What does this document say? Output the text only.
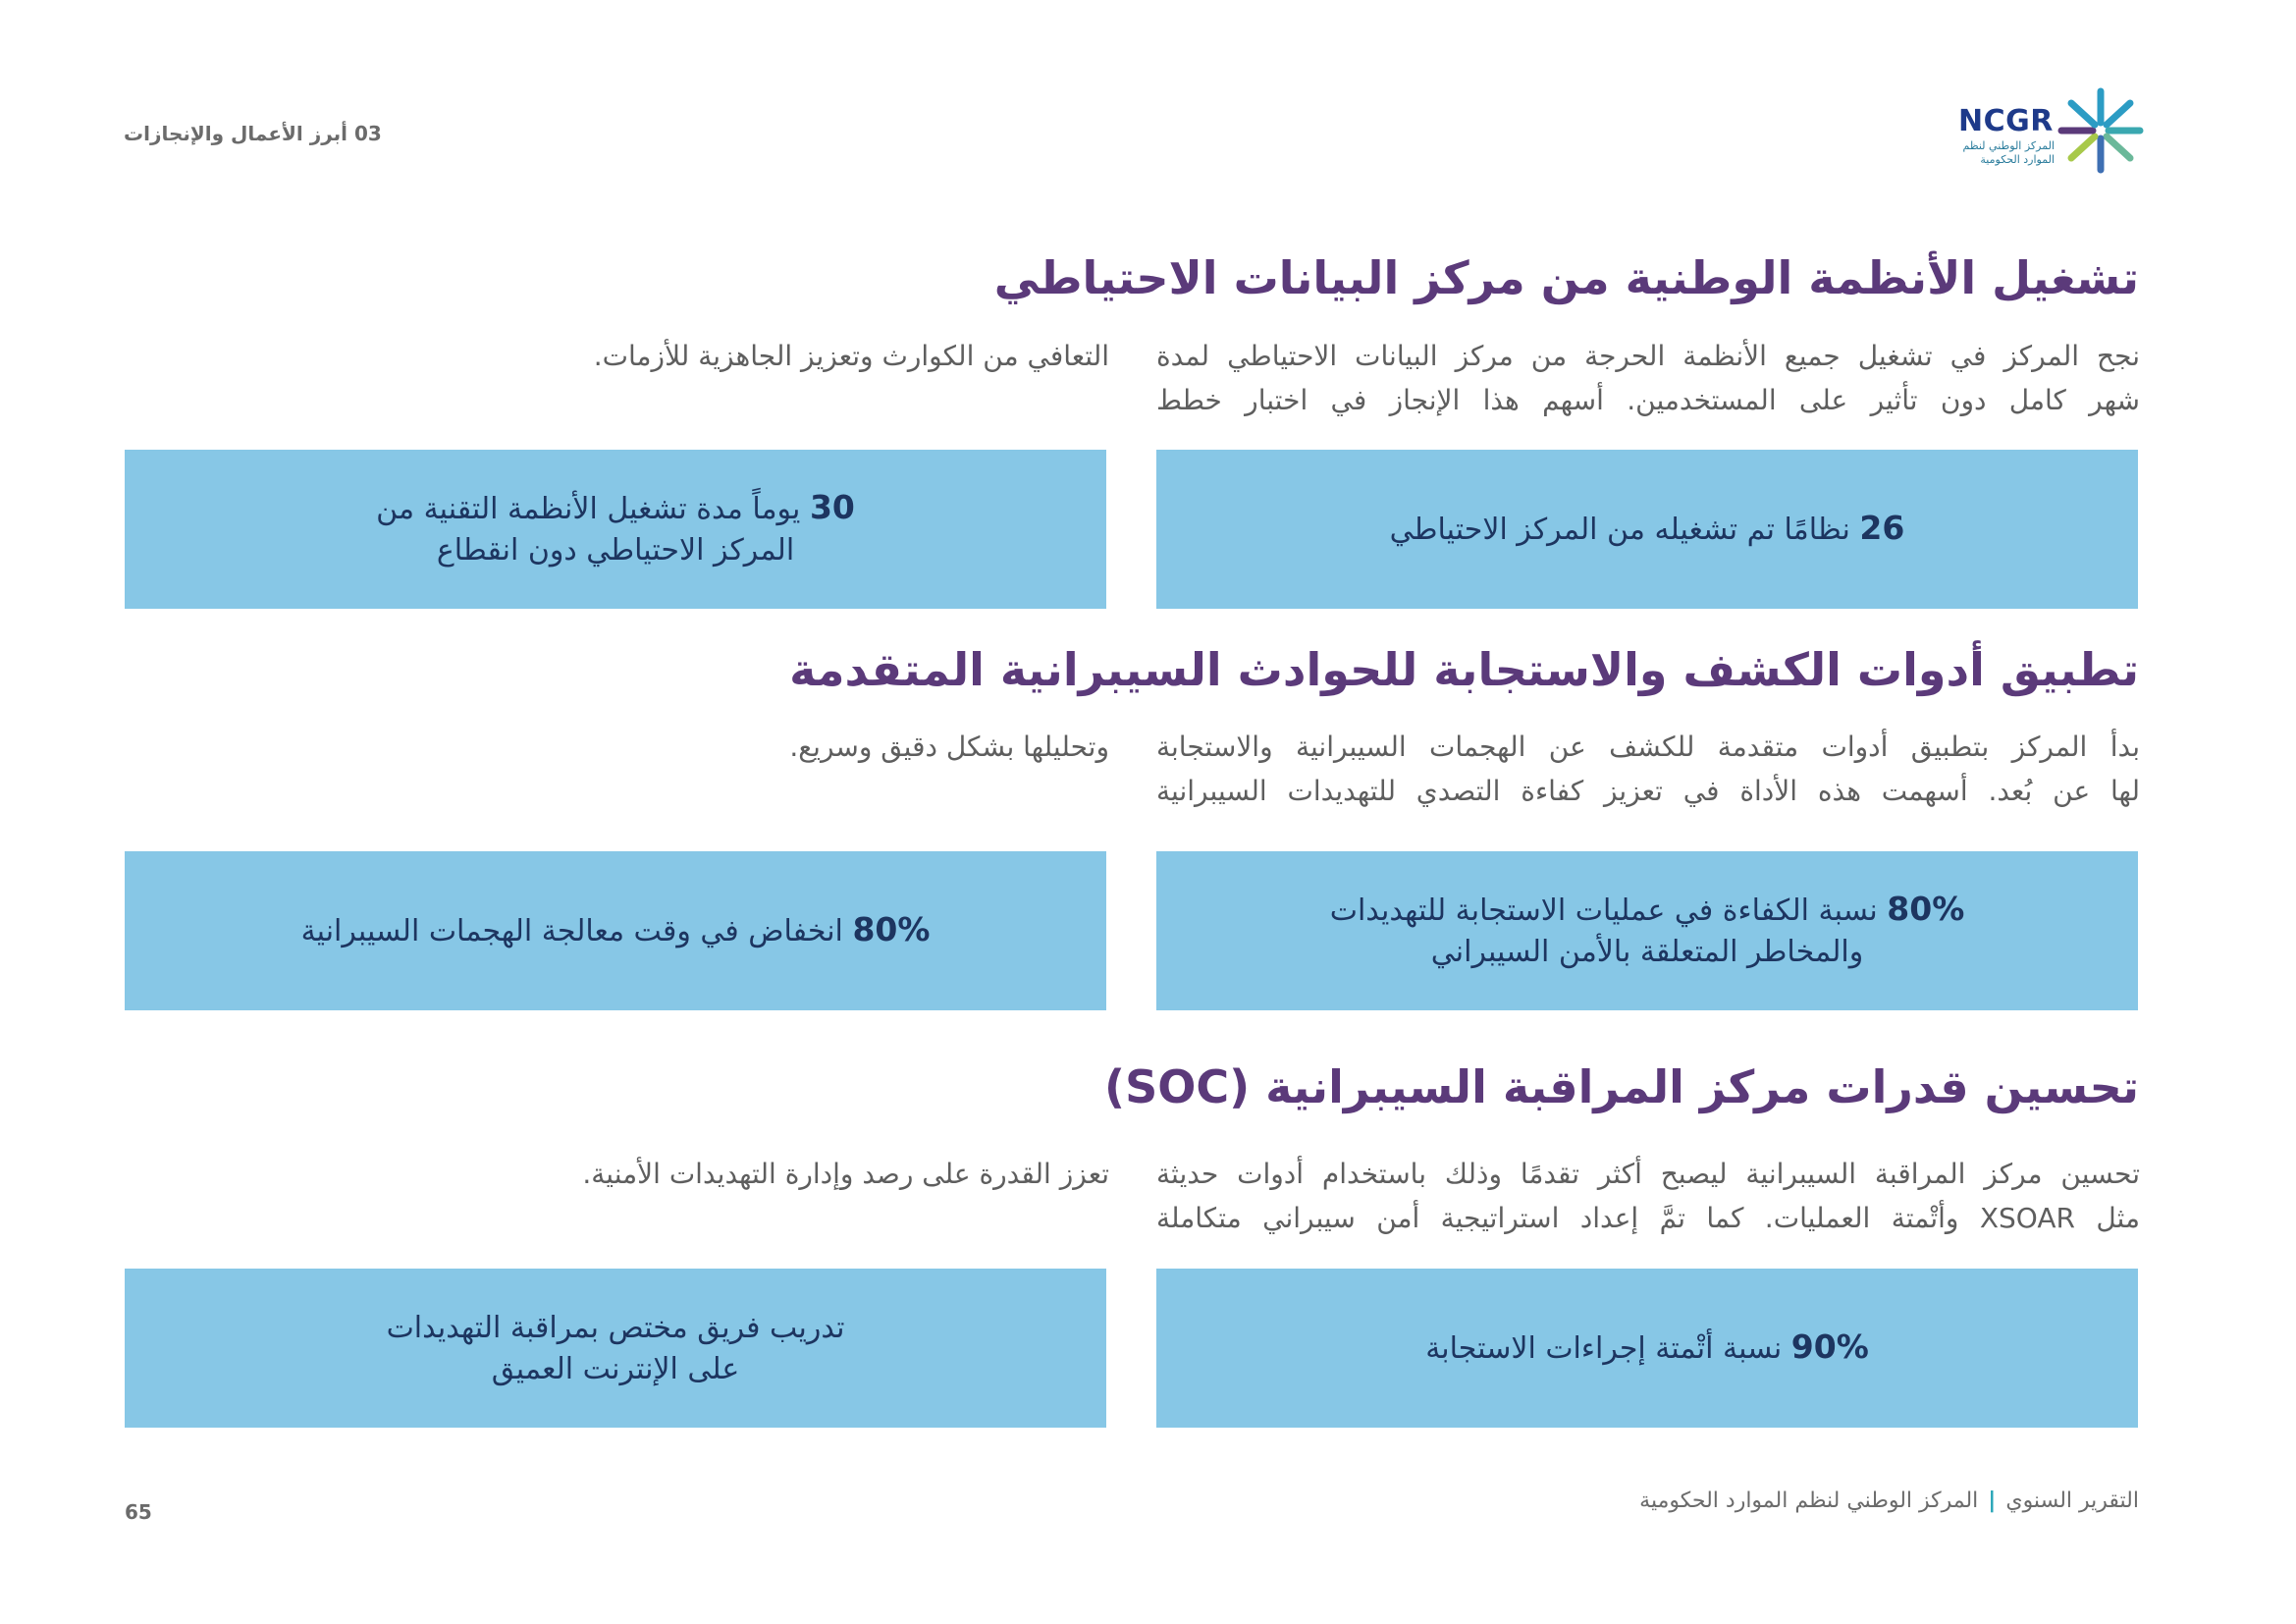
NCGR
المركز الوطني لنظم
الموارد الحكومية
03 أبرز الأعمال والإنجازات
تشغيل الأنظمة الوطنية من مركز البيانات الاحتياطي
نجح المركز في تشغيل جميع الأنظمة الحرجة من مركز البيانات الاحتياطي لمدة
شهر كامل دون تأثير على المستخدمين. أسهم هذا الإنجاز في اختبار خطط
التعافي من الكوارث وتعزيز الجاهزية للأزمات.
26 نظامًا تم تشغيله من المركز الاحتياطي
30 يوماً مدة تشغيل الأنظمة التقنية من
المركز الاحتياطي دون انقطاع
تطبيق أدوات الكشف والاستجابة للحوادث السيبرانية المتقدمة
بدأ المركز بتطبيق أدوات متقدمة للكشف عن الهجمات السيبرانية والاستجابة
لها عن بُعد. أسهمت هذه الأداة في تعزيز كفاءة التصدي للتهديدات السيبرانية
وتحليلها بشكل دقيق وسريع.
80% نسبة الكفاءة في عمليات الاستجابة للتهديدات
والمخاطر المتعلقة بالأمن السيبراني
80% انخفاض في وقت معالجة الهجمات السيبرانية
تحسين قدرات مركز المراقبة السيبرانية (SOC)
تحسين مركز المراقبة السيبرانية ليصبح أكثر تقدمًا وذلك باستخدام أدوات حديثة
مثل XSOAR وأتْمتة العمليات. كما تمَّ إعداد استراتيجية أمن سيبراني متكاملة
تعزز القدرة على رصد وإدارة التهديدات الأمنية.
90% نسبة أتْمتة إجراءات الاستجابة
تدريب فريق مختص بمراقبة التهديدات
على الإنترنت العميق
التقرير السنوي|المركز الوطني لنظم الموارد الحكومية
65
